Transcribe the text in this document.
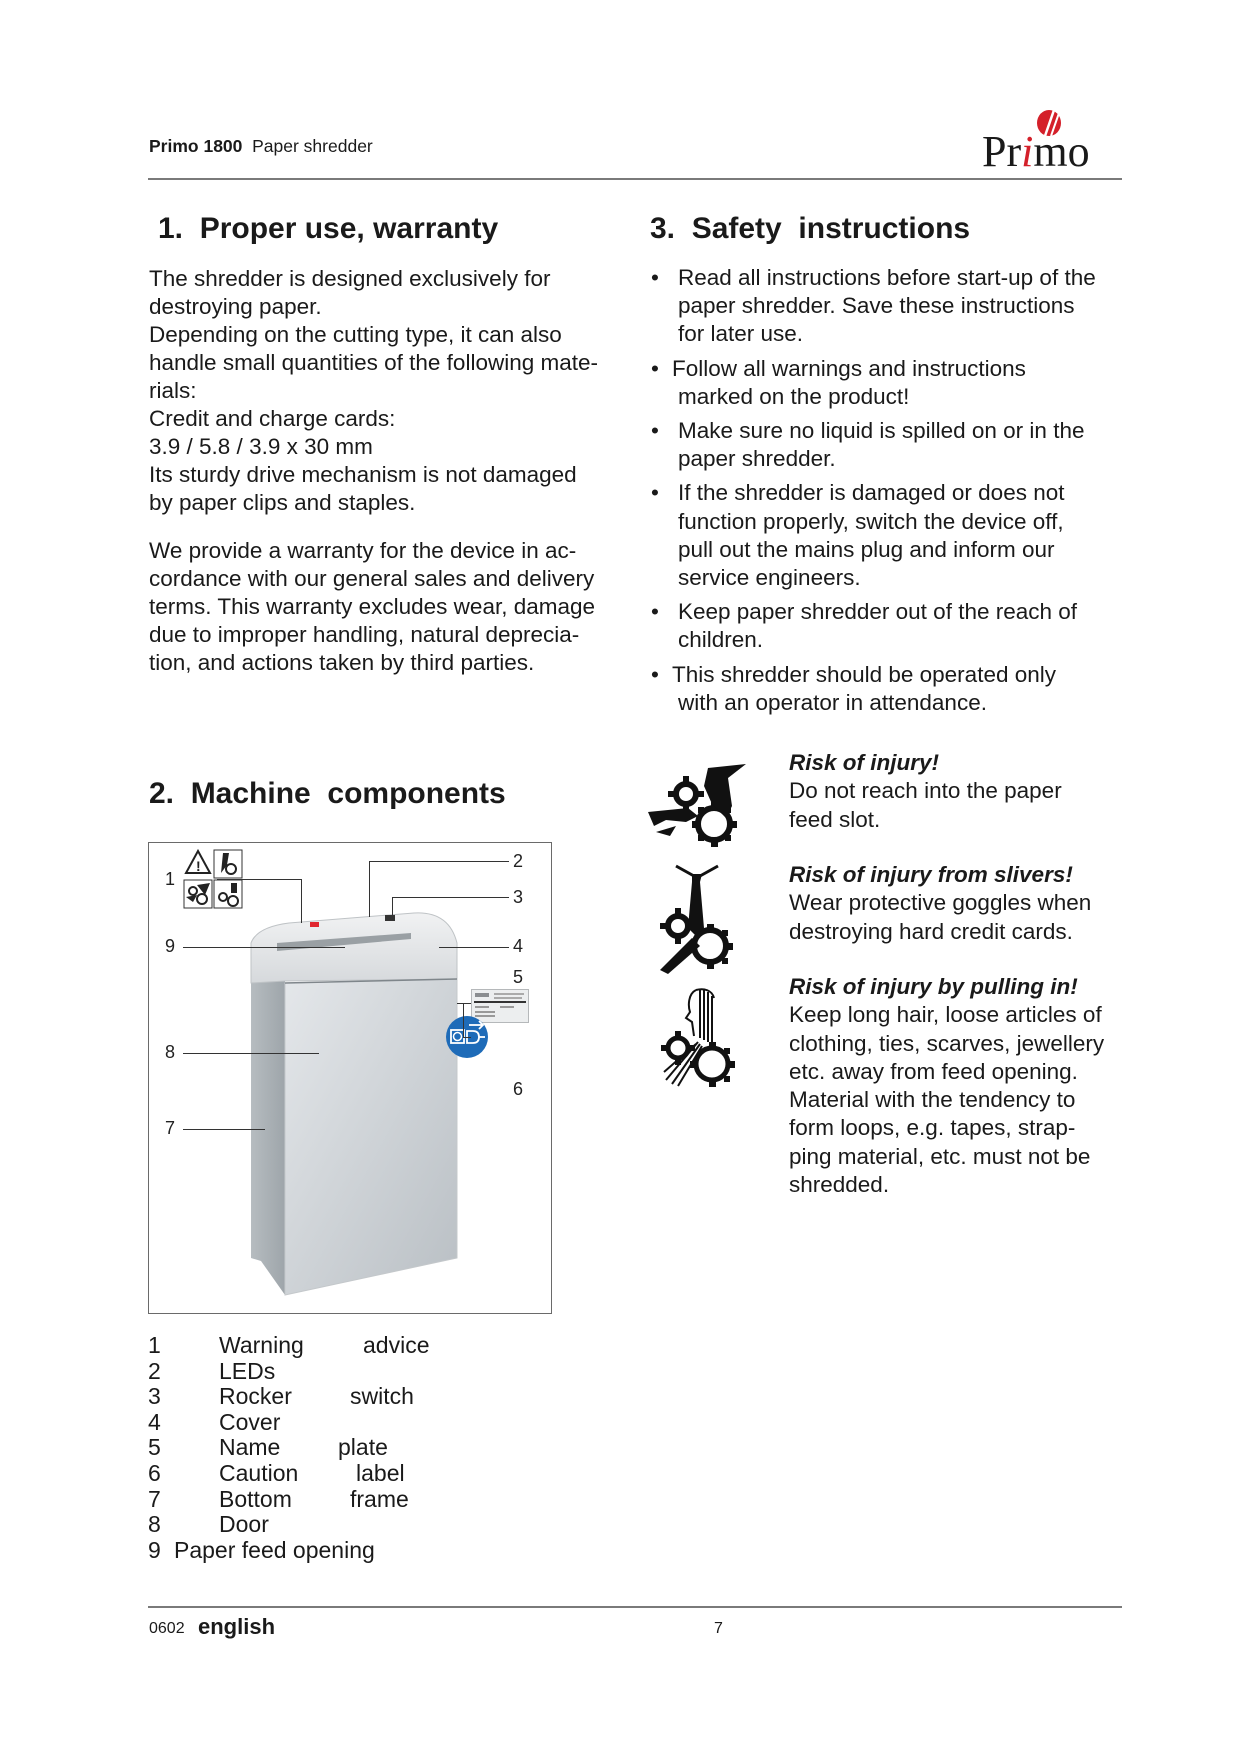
Primo 1800 Paper shredder	Primo
1.  Proper use, warranty

The shredder is designed exclusively for

destroying paper.

Depending on the cutting type, it can also

handle small quantities of the following mate-

rials:

Credit and charge cards:

3.9 / 5.8 / 3.9 x 30 mm

Its sturdy drive mechanism is not damaged

by paper clips and staples.

We provide a warranty for the device in ac-

cordance with our general sales and delivery

terms. This warranty excludes wear, damage

due to improper handling, natural deprecia-

tion, and actions taken by third parties.

3.  Safety  instructions
• Read all instructions before start-up of the
paper shredder. Save these instructions
for later use.
• Follow all warnings and instructions
marked on the product!
• Make sure no liquid is spilled on or in the
paper shredder.
• If the shredder is damaged or does not
function properly, switch the device off,
pull out the mains plug and inform our
service engineers.
• Keep paper shredder out of the reach of
children.
• This shredder should be operated only
with an operator in attendance.
Risk of injury!
Do not reach into the paper
feed slot.
Risk of injury from slivers!
Wear protective goggles when
destroying hard credit cards.
Risk of injury by pulling in!
Keep long hair, loose articles of
clothing, ties, scarves, jewellery
etc. away from feed opening.
Material with the tendency to
form loops, e.g. tapes, strap-
ping material, etc. must not be
shredded.
2.  Machine  components
!
1
2
3
4
5
6
7
8
9
1	Warning	advice
2	LEDs
3	Rocker	switch
4	Cover
5	Name	plate
6	Caution	label
7	Bottom	frame
8	Door
9 Paper feed opening
0602 english	7
